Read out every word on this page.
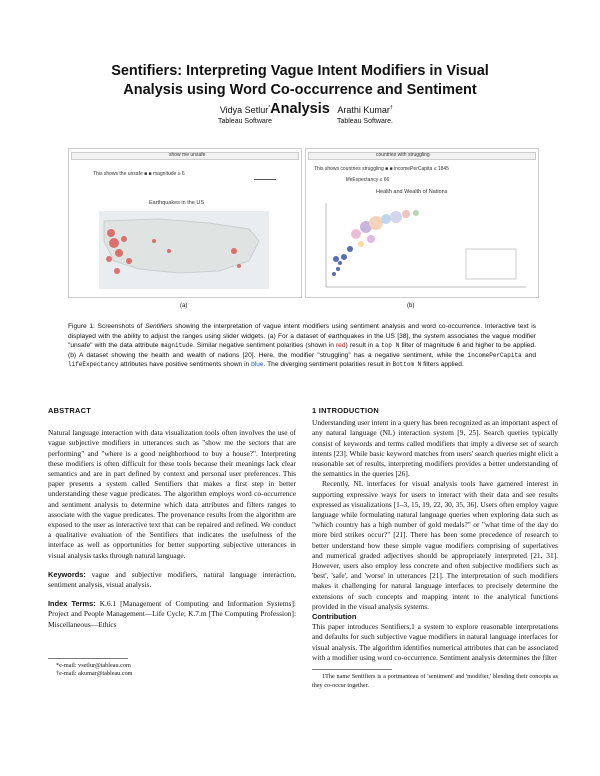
Sentifiers: Interpreting Vague Intent Modifiers in Visual Analysis using Word Co-occurrence and Sentiment Analysis
Vidya Setlur*
Tableau Software
Arathi Kumar†
Tableau Software.
show me unsafe
This shows the unsafe ■ ■ magnitude ≥ 6
Earthquakes in the US
(a)
countries with struggling
This shows countries struggling ■ ■ incomePerCapita ≤ 1845
lifeExpectancy ≤ 66
Health and Wealth of Nations
(b)
Figure 1: Screenshots of Sentifiers showing the interpretation of vague intent modifiers using sentiment analysis and word co-occurrence. Interactive text is displayed with the ability to adjust the ranges using slider widgets. (a) For a dataset of earthquakes in the US [38], the system associates the vague modifier "unsafe" with the data attribute magnitude. Similar negative sentiment polarities (shown in red) result in a top N filter of magnitude 6 and higher to be applied. (b) A dataset showing the health and wealth of nations [20]. Here, the modifier "struggling" has a negative sentiment, while the incomePerCapita and lifeExpectancy attributes have positive sentiments shown in blue. The diverging sentiment polarities result in Bottom N filters applied.
ABSTRACT
Natural language interaction with data visualization tools often involves the use of vague subjective modifiers in utterances such as "show me the sectors that are performing" and "where is a good neighborhood to buy a house?". Interpreting these modifiers is often difficult for these tools because their meanings lack clear semantics and are in part defined by context and personal user preferences. This paper presents a system called Sentifiers that makes a first step in better understanding these vague predicates. The algorithm employs word co-occurrence and sentiment analysis to determine which data attributes and filters ranges to associate with the vague predicates. The provenance results from the algorithm are exposed to the user as interactive text that can be repaired and refined. We conduct a qualitative evaluation of the Sentifiers that indicates the usefulness of the interface as well as opportunities for better supporting subjective utterances in visual analysis tasks through natural language.
Keywords: vague and subjective modifiers, natural language interaction, sentiment analysis, visual analysis.
Index Terms: K.6.1 [Management of Computing and Information Systems]: Project and People Management—Life Cycle; K.7.m [The Computing Profession]: Miscellaneous—Ethics
*e-mail: vsetlur@tableau.com
†e-mail: akumar@tableau.com
1 INTRODUCTION
Understanding user intent in a query has been recognized as an important aspect of any natural language (NL) interaction system [9, 25]. Search queries typically consist of keywords and terms called modifiers that imply a diverse set of search intents [23]. While basic keyword matches from users' search queries might elicit a reasonable set of results, interpreting modifiers provides a better understanding of the semantics in the queries [26].
Recently, NL interfaces for visual analysis tools have garnered interest in supporting expressive ways for users to interact with their data and see results expressed as visualizations [1–3, 15, 19, 22, 30, 35, 36]. Users often employ vague language while formulating natural language queries when exploring data such as "which country has a high number of gold medals?" or "what time of the day do more bird strikes occur?" [21]. There has been some precedence of research to better understand how these simple vague modifiers comprising of superlatives and numerical graded adjectives should be appropriately interpreted [21, 31]. However, users also employ less concrete and often subjective modifiers such as 'best', 'safe', and 'worse' in utterances [21]. The interpretation of such modifiers makes it challenging for natural language interfaces to precisely determine the extensions of such concepts and mapping intent to the analytical functions provided in the visual analysis systems.
Contribution
This paper introduces Sentifiers,1 a system to explore reasonable interpretations and defaults for such subjective vague modifiers in natural language interfaces for visual analysis. The algorithm identifies numerical attributes that can be associated with a modifier using word co-occurrence. Sentiment analysis determines the filter
1The name Sentifiers is a portmanteau of 'sentiment' and 'modifier,' blending their concepts as they co-occur together.
